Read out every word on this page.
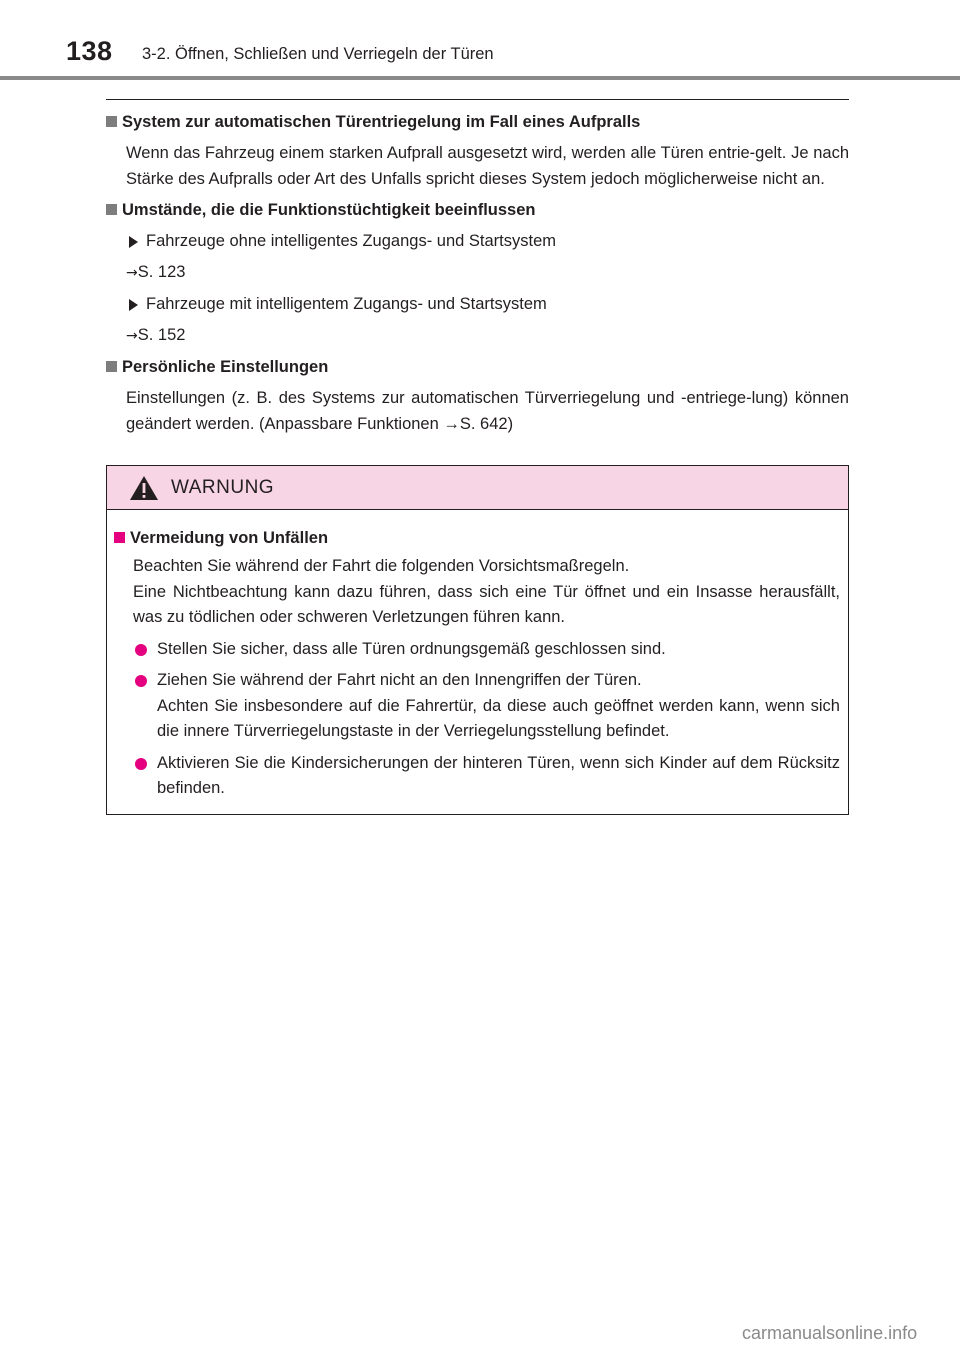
138 3-2. Öffnen, Schließen und Verriegeln der Türen
System zur automatischen Türentriegelung im Fall eines Aufpralls

Wenn das Fahrzeug einem starken Aufprall ausgesetzt wird, werden alle Türen entrie-gelt. Je nach Stärke des Aufpralls oder Art des Unfalls spricht dieses System jedoch möglicherweise nicht an.

Umstände, die die Funktionstüchtigkeit beeinflussen
Fahrzeuge ohne intelligentes Zugangs- und Startsystem
→S. 123
Fahrzeuge mit intelligentem Zugangs- und Startsystem
→S. 152
Persönliche Einstellungen

Einstellungen (z. B. des Systems zur automatischen Türverriegelung und -entriege-lung) können geändert werden. (Anpassbare Funktionen →S. 642)

WARNUNG
Vermeidung von Unfällen

Beachten Sie während der Fahrt die folgenden Vorsichtsmaßregeln.

Eine Nichtbeachtung kann dazu führen, dass sich eine Tür öffnet und ein Insasse herausfällt, was zu tödlichen oder schweren Verletzungen führen kann.

Stellen Sie sicher, dass alle Türen ordnungsgemäß geschlossen sind.
Ziehen Sie während der Fahrt nicht an den Innengriffen der Türen.
Achten Sie insbesondere auf die Fahrertür, da diese auch geöffnet werden kann, wenn sich die innere Türverriegelungstaste in der Verriegelungsstellung befindet.
Aktivieren Sie die Kindersicherungen der hinteren Türen, wenn sich Kinder auf dem Rücksitz befinden.
carmanualsonline.info
